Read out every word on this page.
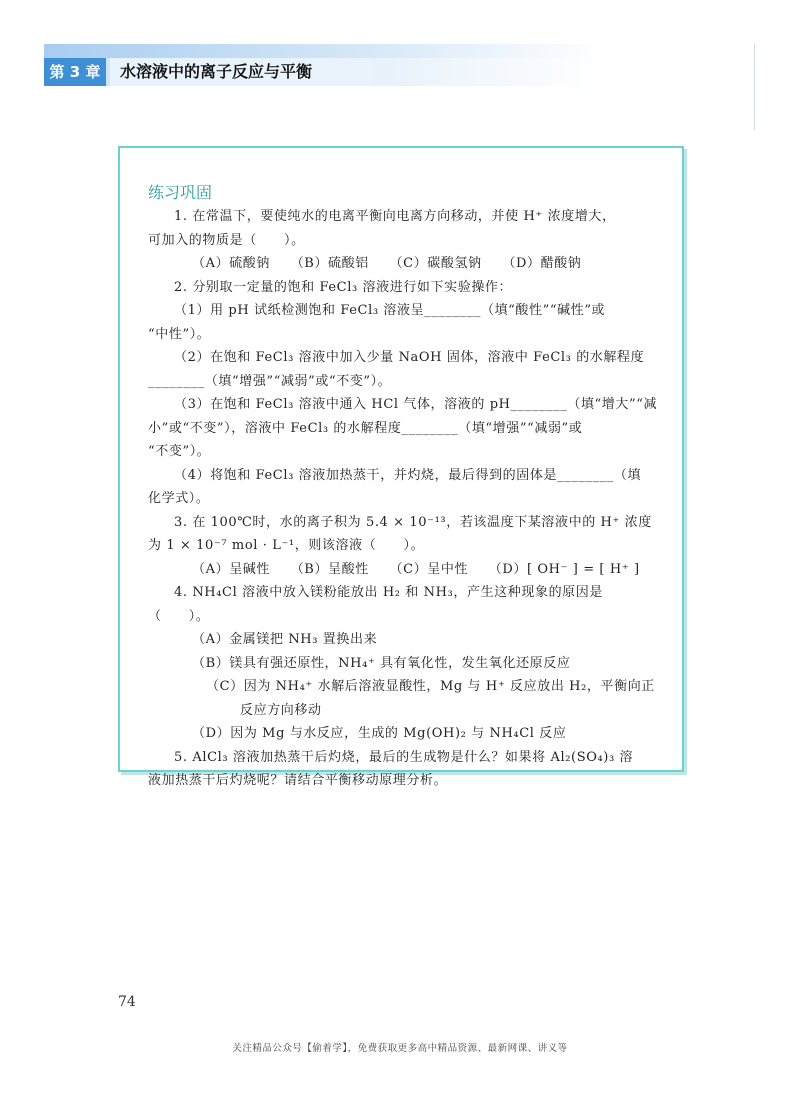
第 3 章	水溶液中的离子反应与平衡
练习巩固

1. 在常温下，要使纯水的电离平衡向电离方向移动，并使 H⁺ 浓度增大，

可加入的物质是（　　）。

（A）硫酸钠　　（B）硫酸铝　　（C）碳酸氢钠　　（D）醋酸钠

2. 分别取一定量的饱和 FeCl₃ 溶液进行如下实验操作：

（1）用 pH 试纸检测饱和 FeCl₃ 溶液呈________（填“酸性”“碱性”或

“中性”）。

（2）在饱和 FeCl₃ 溶液中加入少量 NaOH 固体，溶液中 FeCl₃ 的水解程度

________（填“增强”“减弱”或“不变”）。

（3）在饱和 FeCl₃ 溶液中通入 HCl 气体，溶液的 pH________（填“增大”“减

小”或“不变”），溶液中 FeCl₃ 的水解程度________（填“增强”“减弱”或

“不变”）。

（4）将饱和 FeCl₃ 溶液加热蒸干，并灼烧，最后得到的固体是________（填

化学式）。

3. 在 100℃时，水的离子积为 5.4 × 10⁻¹³，若该温度下某溶液中的 H⁺ 浓度

为 1 × 10⁻⁷ mol · L⁻¹，则该溶液（　　）。

（A）呈碱性　　（B）呈酸性　　（C）呈中性　　（D）[ OH⁻ ] = [ H⁺ ]

4. NH₄Cl 溶液中放入镁粉能放出 H₂ 和 NH₃，产生这种现象的原因是（　　）。

（A）金属镁把 NH₃ 置换出来

（B）镁具有强还原性，NH₄⁺ 具有氧化性，发生氧化还原反应

（C）因为 NH₄⁺ 水解后溶液显酸性，Mg 与 H⁺ 反应放出 H₂，平衡向正反应方向移动

（D）因为 Mg 与水反应，生成的 Mg(OH)₂ 与 NH₄Cl 反应

5. AlCl₃ 溶液加热蒸干后灼烧，最后的生成物是什么？如果将 Al₂(SO₄)₃ 溶

液加热蒸干后灼烧呢？请结合平衡移动原理分析。

74
关注精品公众号【偷着学】，免费获取更多高中精品资源、最新网课、讲义等
